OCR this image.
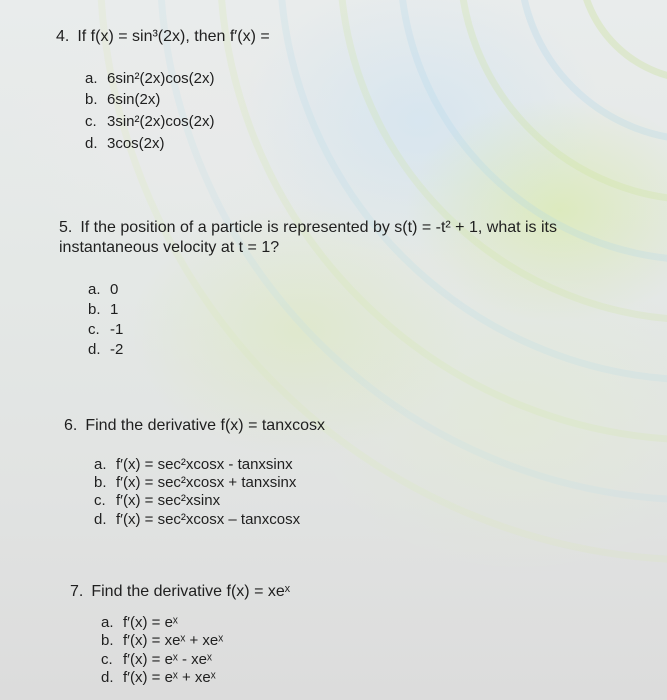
4. If f(x) = sin³(2x), then f′(x) =
a. 6sin²(2x)cos(2x)
b. 6sin(2x)
c. 3sin²(2x)cos(2x)
d. 3cos(2x)
5. If the position of a particle is represented by s(t) = -t² + 1, what is its
instantaneous velocity at t = 1?
a. 0
b. 1
c. -1
d. -2
6. Find the derivative f(x) = tanxcosx
a. f′(x) = sec²xcosx - tanxsinx
b. f′(x) = sec²xcosx + tanxsinx
c. f′(x) = sec²xsinx
d. f′(x) = sec²xcosx – tanxcosx
7. Find the derivative f(x) = xeˣ
a. f′(x) = eˣ
b. f′(x) = xeˣ + xeˣ
c. f′(x) = eˣ - xeˣ
d. f′(x) = eˣ + xeˣ
